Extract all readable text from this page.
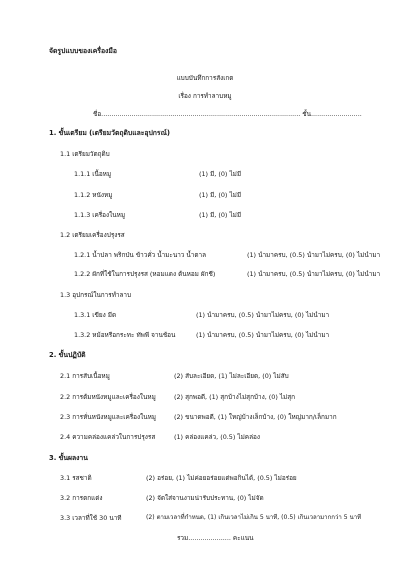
จัดรูปแบบของเครื่องมือ
แบบบันทึกการสังเกต
เรื่อง การทำลาบหมู
ชื่อ.................................................................................................. ชั้น.........................
1. ขั้นเตรียม (เตรียมวัตถุดิบและอุปกรณ์)
1.1 เตรียมวัตถุดิบ
1.1.1 เนื้อหมู	(1) มี, (0) ไม่มี
1.1.2 หนังหมู	(1) มี, (0) ไม่มี
1.1.3 เครื่องในหมู	(1) มี, (0) ไม่มี
1.2 เตรียมเครื่องปรุงรส
1.2.1 น้ำปลา พริกป่น ข้าวคั่ว น้ำมะนาว น้ำตาล	(1) นำมาครบ, (0.5) นำมาไม่ครบ, (0) ไม่นำมา
1.2.2 ผักที่ใช้ในการปรุงรส (หอมแดง ต้นหอม ผักชี)	(1) นำมาครบ, (0.5) นำมาไม่ครบ, (0) ไม่นำมา
1.3 อุปกรณ์ในการทำลาบ
1.3.1 เขียง มีด	(1) นำมาครบ, (0.5) นำมาไม่ครบ, (0) ไม่นำมา
1.3.2 หม้อหรือกระทะ ทัพพี จานช้อน	(1) นำมาครบ, (0.5) นำมาไม่ครบ, (0) ไม่นำมา
2. ขั้นปฏิบัติ
2.1 การสับเนื้อหมู	(2) สับละเอียด, (1) ไม่ละเอียด, (0) ไม่สับ
2.2 การต้มหนังหมูและเครื่องในหมู	(2) สุกพอดี, (1) สุกบ้างไม่สุกบ้าง, (0) ไม่สุก
2.3 การหั่นหนังหมูและเครื่องในหมู	(2) ขนาดพอดี, (1) ใหญ่บ้างเล็กบ้าง, (0) ใหญ่มาก/เล็กมาก
2.4 ความคล่องแคล่วในการปรุงรส	(1) คล่องแคล่ว, (0.5) ไม่คล่อง
3. ขั้นผลงาน
3.1 รสชาติ	(2) อร่อย, (1) ไม่ค่อยอร่อยแต่พอกินได้, (0.5) ไม่อร่อย
3.2 การตกแต่ง	(2) จัดใส่จานงามน่ารับประทาน, (0) ไม่จัด
3.3 เวลาที่ใช้ 30 นาที	(2) ตามเวลาที่กำหนด, (1) เกินเวลาไม่เกิน 5 นาที, (0.5) เกินเวลามากกว่า 5 นาที
รวม..................... คะแนน
